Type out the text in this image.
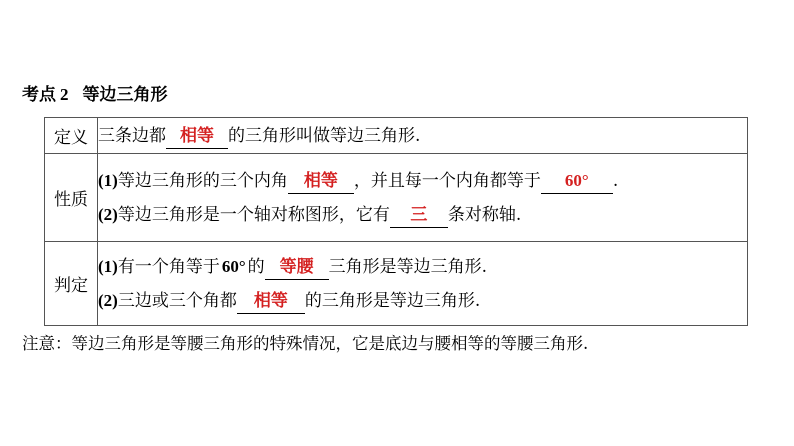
考点 2 等边三角形
定义	三条边都 相等 的三角形叫做等边三角形.

性质	(1)等边三角形的三个内角 相等 ，并且每一个内角都等于 60° .
(2)等边三角形是一个轴对称图形，它有 三 条对称轴.

判定	(1)有一个角等于 60° 的 等腰 三角形是等边三角形.
(2)三边或三个角都 相等 的三角形是等边三角形.
注意：等边三角形是等腰三角形的特殊情况，它是底边与腰相等的等腰三角形.
